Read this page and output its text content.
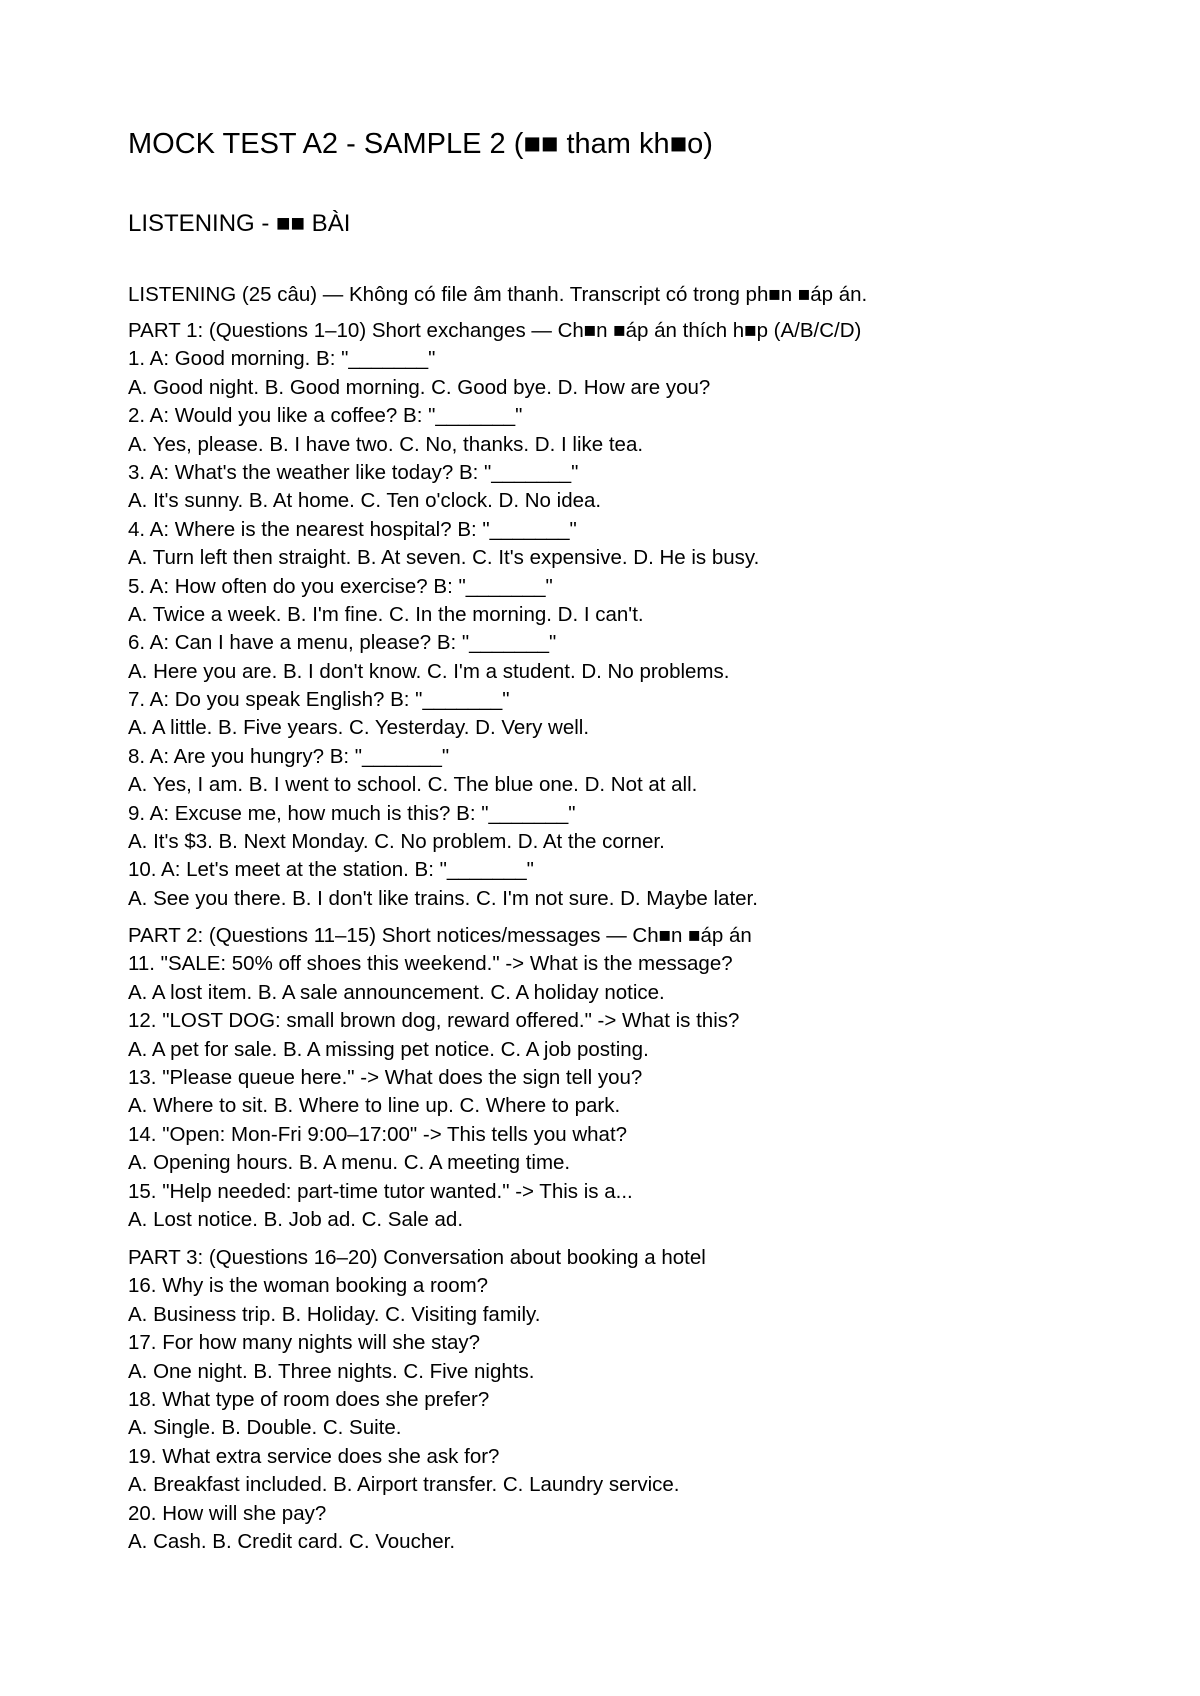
MOCK TEST A2 - SAMPLE 2 (■■ tham kh■o)
LISTENING - ■■ BÀI
LISTENING (25 câu) — Không có file âm thanh. Transcript có trong ph■n ■áp án.
PART 1: (Questions 1–10) Short exchanges — Ch■n ■áp án thích h■p (A/B/C/D)
1. A: Good morning. B: "_______"
A. Good night. B. Good morning. C. Good bye. D. How are you?
2. A: Would you like a coffee? B: "_______"
A. Yes, please. B. I have two. C. No, thanks. D. I like tea.
3. A: What's the weather like today? B: "_______"
A. It's sunny. B. At home. C. Ten o'clock. D. No idea.
4. A: Where is the nearest hospital? B: "_______"
A. Turn left then straight. B. At seven. C. It's expensive. D. He is busy.
5. A: How often do you exercise? B: "_______"
A. Twice a week. B. I'm fine. C. In the morning. D. I can't.
6. A: Can I have a menu, please? B: "_______"
A. Here you are. B. I don't know. C. I'm a student. D. No problems.
7. A: Do you speak English? B: "_______"
A. A little. B. Five years. C. Yesterday. D. Very well.
8. A: Are you hungry? B: "_______"
A. Yes, I am. B. I went to school. C. The blue one. D. Not at all.
9. A: Excuse me, how much is this? B: "_______"
A. It's $3. B. Next Monday. C. No problem. D. At the corner.
10. A: Let's meet at the station. B: "_______"
A. See you there. B. I don't like trains. C. I'm not sure. D. Maybe later.
PART 2: (Questions 11–15) Short notices/messages — Ch■n ■áp án
11. "SALE: 50% off shoes this weekend." -> What is the message?
A. A lost item. B. A sale announcement. C. A holiday notice.
12. "LOST DOG: small brown dog, reward offered." -> What is this?
A. A pet for sale. B. A missing pet notice. C. A job posting.
13. "Please queue here." -> What does the sign tell you?
A. Where to sit. B. Where to line up. C. Where to park.
14. "Open: Mon-Fri 9:00–17:00" -> This tells you what?
A. Opening hours. B. A menu. C. A meeting time.
15. "Help needed: part-time tutor wanted." -> This is a...
A. Lost notice. B. Job ad. C. Sale ad.
PART 3: (Questions 16–20) Conversation about booking a hotel
16. Why is the woman booking a room?
A. Business trip. B. Holiday. C. Visiting family.
17. For how many nights will she stay?
A. One night. B. Three nights. C. Five nights.
18. What type of room does she prefer?
A. Single. B. Double. C. Suite.
19. What extra service does she ask for?
A. Breakfast included. B. Airport transfer. C. Laundry service.
20. How will she pay?
A. Cash. B. Credit card. C. Voucher.
